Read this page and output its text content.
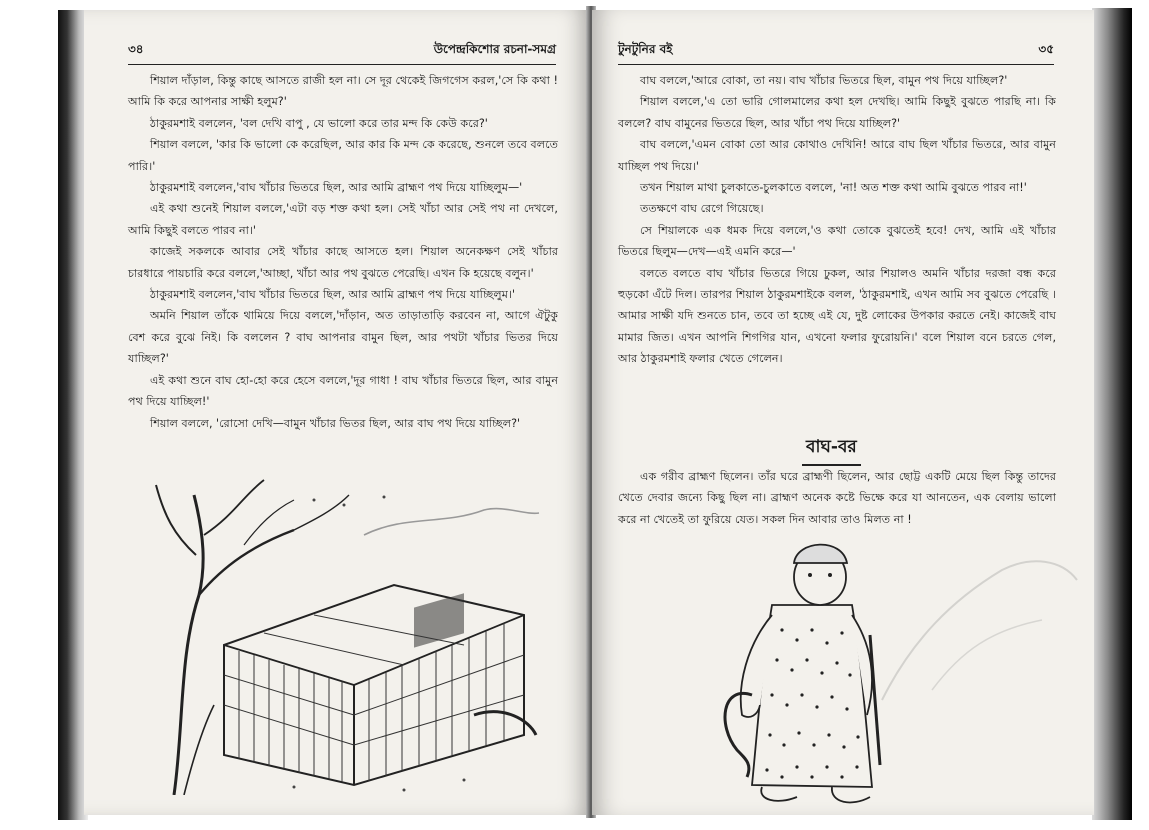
৩৪	উপেন্দ্রকিশোর রচনা-সমগ্র

শিয়াল দাঁড়াল, কিন্তু কাছে আসতে রাজী হল না। সে দূর থেকেই জিগগেস করল,'সে কি কথা ! আমি কি করে আপনার সাক্ষী হলুম?'

ঠাকুরমশাই বললেন, 'বল দেখি বাপু , যে ভালো করে তার মন্দ কি কেউ করে?'

শিয়াল বললে, 'কার কি ভালো কে করেছিল, আর কার কি মন্দ কে করেছে, শুনলে তবে বলতে পারি।'

ঠাকুরমশাই বললেন,'বাঘ খাঁচার ভিতরে ছিল, আর আমি ব্রাহ্মণ পথ দিয়ে যাচ্ছিলুম—'

এই কথা শুনেই শিয়াল বললে,'এটা বড় শক্ত কথা হল। সেই খাঁচা আর সেই পথ না দেখলে, আমি কিছুই বলতে পারব না।'

কাজেই সকলকে আবার সেই খাঁচার কাছে আসতে হল। শিয়াল অনেকক্ষণ সেই খাঁচার চারধারে পায়চারি করে বললে,'আচ্ছা, খাঁচা আর পথ বুঝতে পেরেছি। এখন কি হয়েছে বলুন।'

ঠাকুরমশাই বললেন,'বাঘ খাঁচার ভিতরে ছিল, আর আমি ব্রাহ্মণ পথ দিয়ে যাচ্ছিলুম।'

অমনি শিয়াল তাঁকে থামিয়ে দিয়ে বললে,'দাঁড়ান, অত তাড়াতাড়ি করবেন না, আগে ঐটুকু বেশ করে বুঝে নিই। কি বললেন ? বাঘ আপনার বামুন ছিল, আর পথটা খাঁচার ভিতর দিয়ে যাচ্ছিল?'

এই কথা শুনে বাঘ হো-হো করে হেসে বললে,'দূর গাধা ! বাঘ খাঁচার ভিতরে ছিল, আর বামুন পথ দিয়ে যাচ্ছিল!'

শিয়াল বললে, 'রোসো দেখি—বামুন খাঁচার ভিতর ছিল, আর বাঘ পথ দিয়ে যাচ্ছিল?'

টুনটুনির বই	৩৫

বাঘ বললে,'আরে বোকা, তা নয়। বাঘ খাঁচার ভিতরে ছিল, বামুন পথ দিয়ে যাচ্ছিল?'

শিয়াল বললে,'এ তো ভারি গোলমালের কথা হল দেখছি। আমি কিছুই বুঝতে পারছি না। কি বললে? বাঘ বামুনের ভিতরে ছিল, আর খাঁচা পথ দিয়ে যাচ্ছিল?'

বাঘ বললে,'এমন বোকা তো আর কোথাও দেখিনি! আরে বাঘ ছিল খাঁচার ভিতরে, আর বামুন যাচ্ছিল পথ দিয়ে।'

তখন শিয়াল মাথা চুলকাতে-চুলকাতে বললে, 'না! অত শক্ত কথা আমি বুঝতে পারব না!'

ততক্ষণে বাঘ রেগে গিয়েছে।

সে শিয়ালকে এক ধমক দিয়ে বললে,'ও কথা তোকে বুঝতেই হবে! দেখ, আমি এই খাঁচার ভিতরে ছিলুম—দেখ—এই এমনি করে—'

বলতে বলতে বাঘ খাঁচার ভিতরে গিয়ে ঢুকল, আর শিয়ালও অমনি খাঁচার দরজা বন্ধ করে হুড়কো এঁটে দিল। তারপর শিয়াল ঠাকুরমশাইকে বলল, 'ঠাকুরমশাই, এখন আমি সব বুঝতে পেরেছি । আমার সাক্ষী যদি শুনতে চান, তবে তা হচ্ছে এই যে, দুষ্ট লোকের উপকার করতে নেই। কাজেই বাঘ মামার জিত। এখন আপনি শিগগির যান, এখনো ফলার ফুরোয়নি।' বলে শিয়াল বনে চরতে গেল, আর ঠাকুরমশাই ফলার খেতে গেলেন।

বাঘ-বর

এক গরীব ব্রাহ্মণ ছিলেন। তাঁর ঘরে ব্রাহ্মণী ছিলেন, আর ছোট্ট একটি মেয়ে ছিল কিন্তু তাদের খেতে দেবার জন্যে কিছু ছিল না। ব্রাহ্মণ অনেক কষ্টে ভিক্ষে করে যা আনতেন, এক বেলায় ভালো করে না খেতেই তা ফুরিয়ে যেত। সকল দিন আবার তাও মিলত না !
